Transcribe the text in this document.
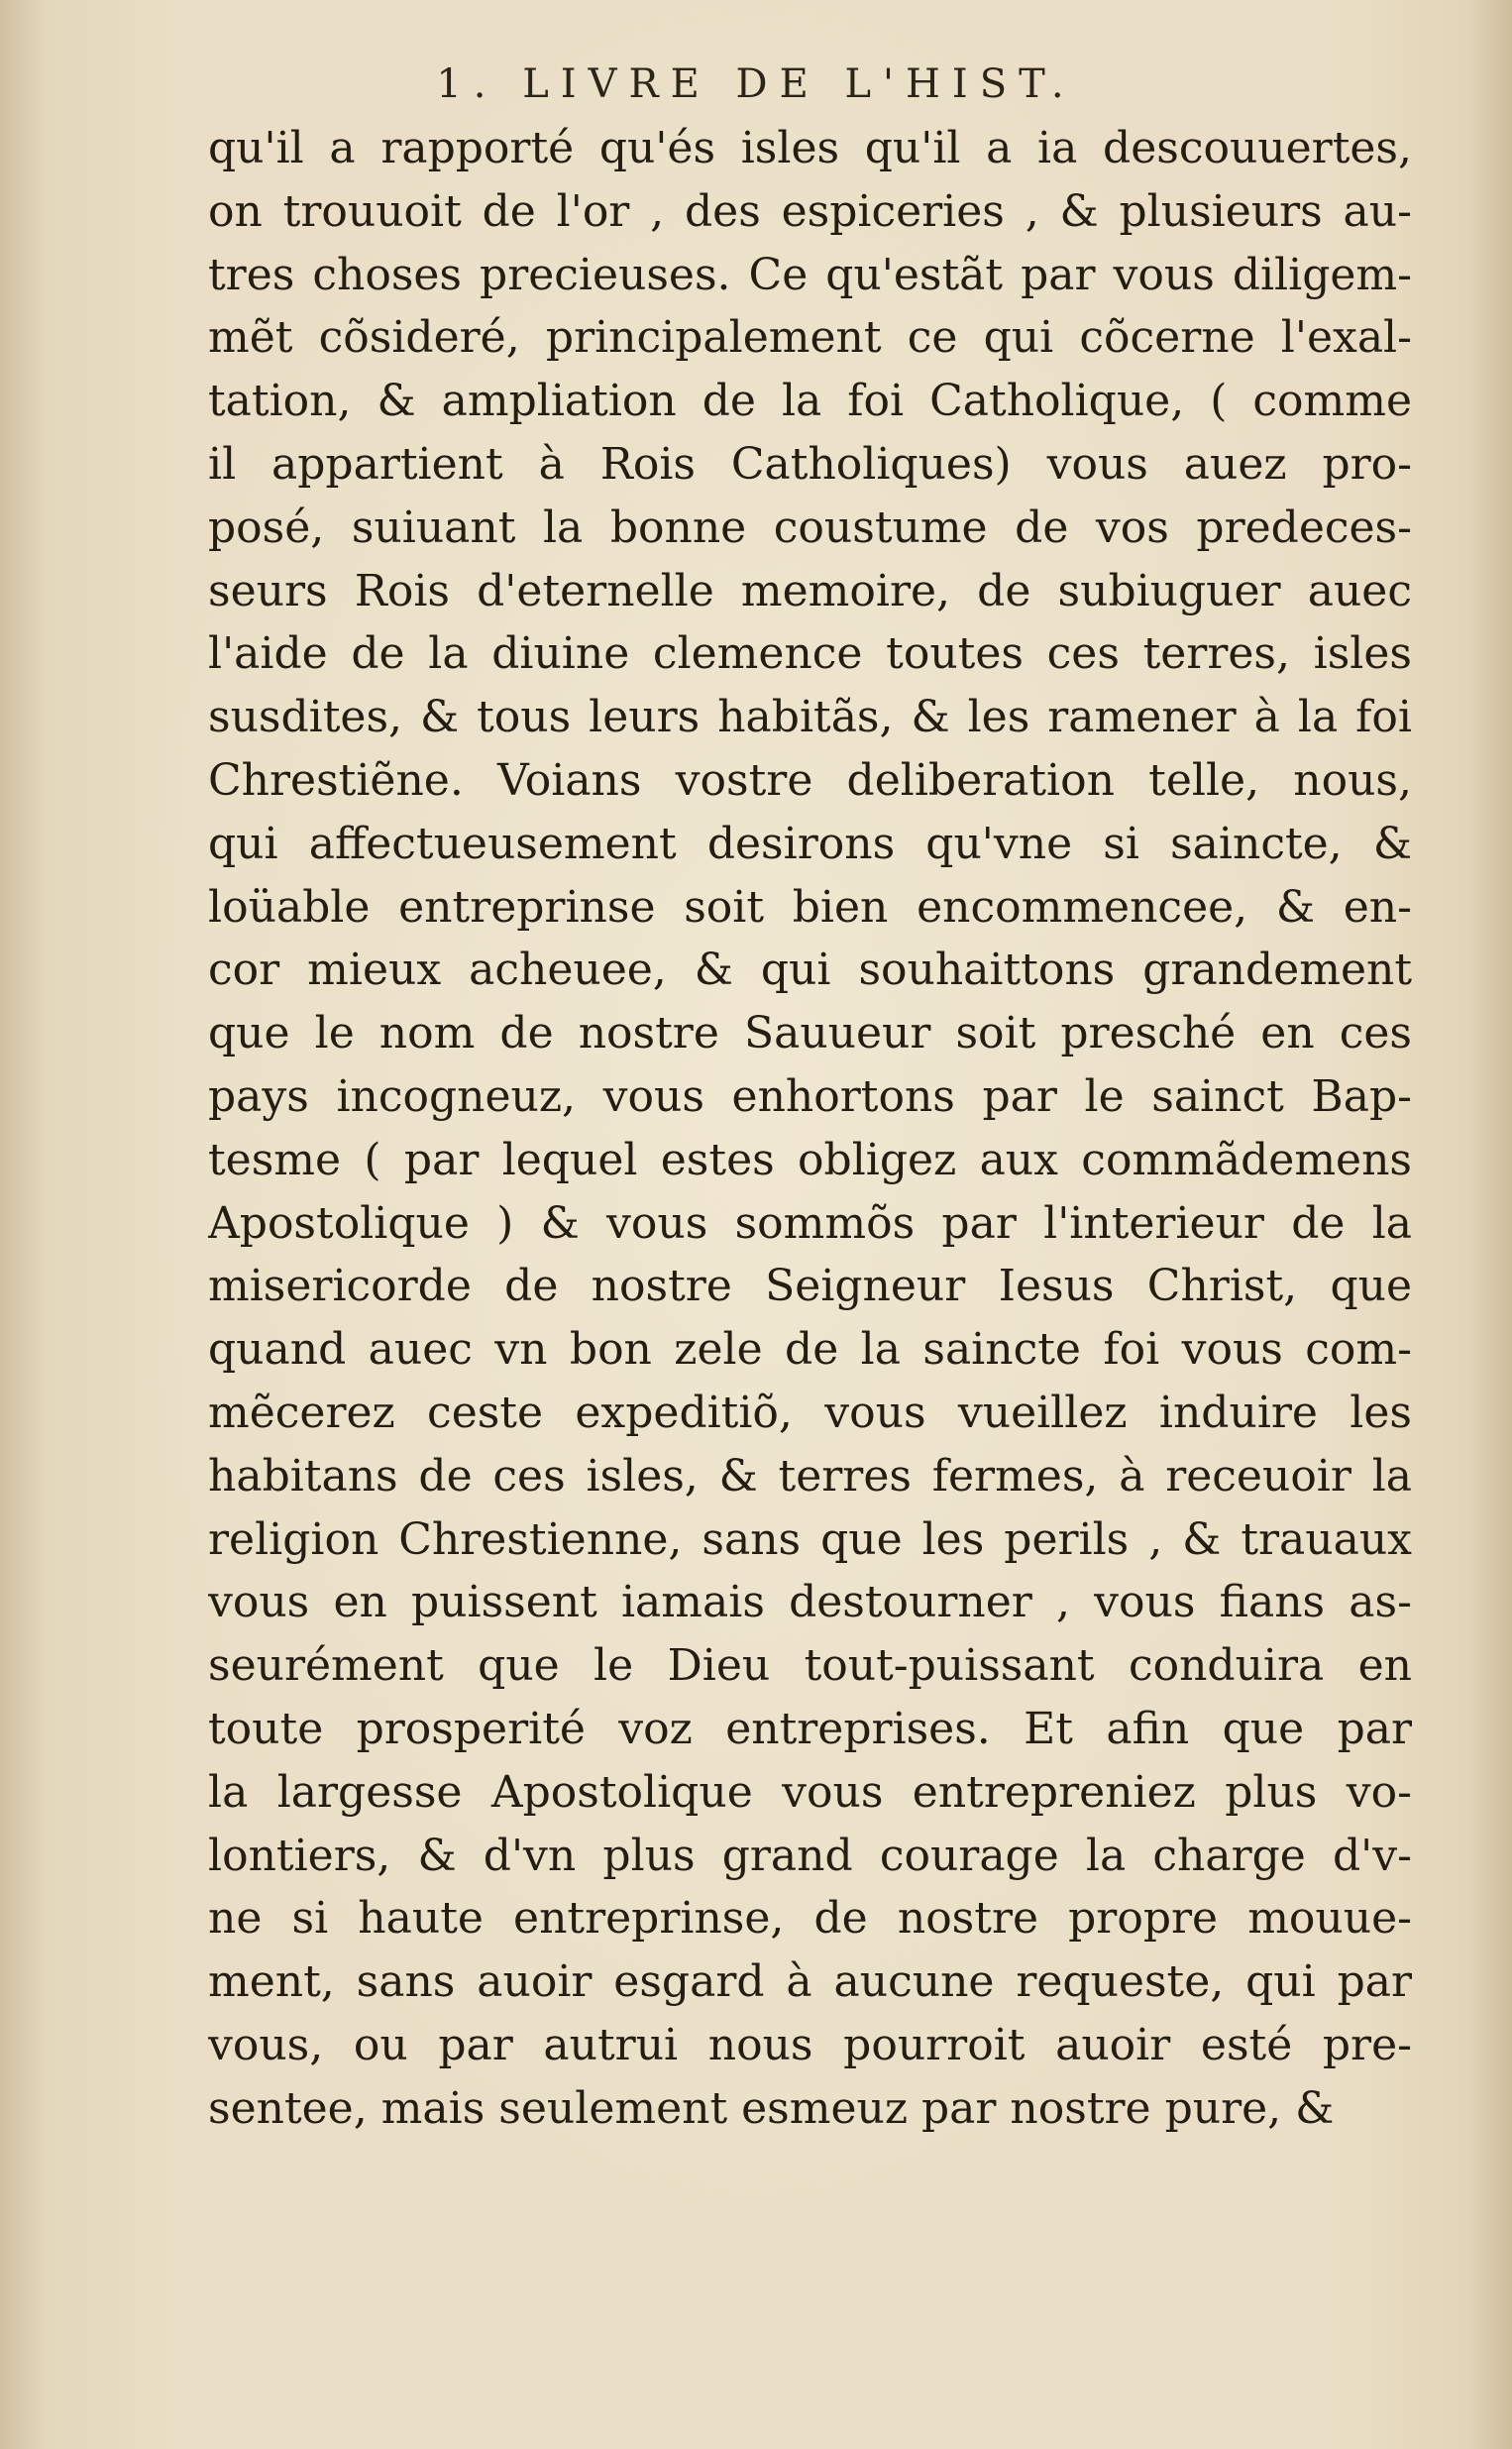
1. LIVRE DE L'HIST.
qu'il a rapporté qu'és isles qu'il a ia descouuertes,
on trouuoit de l'or , des espiceries , & plusieurs au-
tres choses precieuses. Ce qu'estãt par vous diligem-
mẽt cõsideré, principalement ce qui cõcerne l'exal-
tation, & ampliation de la foi Catholique, ( comme
il appartient à Rois Catholiques) vous auez pro-
posé, suiuant la bonne coustume de vos predeces-
seurs Rois d'eternelle memoire, de subiuguer auec
l'aide de la diuine clemence toutes ces terres, isles
susdites, & tous leurs habitãs, & les ramener à la foi
Chrestiẽne. Voians vostre deliberation telle, nous,
qui affectueusement desirons qu'vne si saincte, &
loüable entreprinse soit bien encommencee, & en-
cor mieux acheuee, & qui souhaittons grandement
que le nom de nostre Sauueur soit presché en ces
pays incogneuz, vous enhortons par le sainct Bap-
tesme ( par lequel estes obligez aux commãdemens
Apostolique ) & vous sommõs par l'interieur de la
misericorde de nostre Seigneur Iesus Christ, que
quand auec vn bon zele de la saincte foi vous com-
mẽcerez ceste expeditiõ, vous vueillez induire les
habitans de ces isles, & terres fermes, à receuoir la
religion Chrestienne, sans que les perils , & trauaux
vous en puissent iamais destourner , vous fians as-
seurément que le Dieu tout-puissant conduira en
toute prosperité voz entreprises. Et afin que par
la largesse Apostolique vous entrepreniez plus vo-
lontiers, & d'vn plus grand courage la charge d'v-
ne si haute entreprinse, de nostre propre mouue-
ment, sans auoir esgard à aucune requeste, qui par
vous, ou par autrui nous pourroit auoir esté pre-
sentee, mais seulement esmeuz par nostre pure, &
